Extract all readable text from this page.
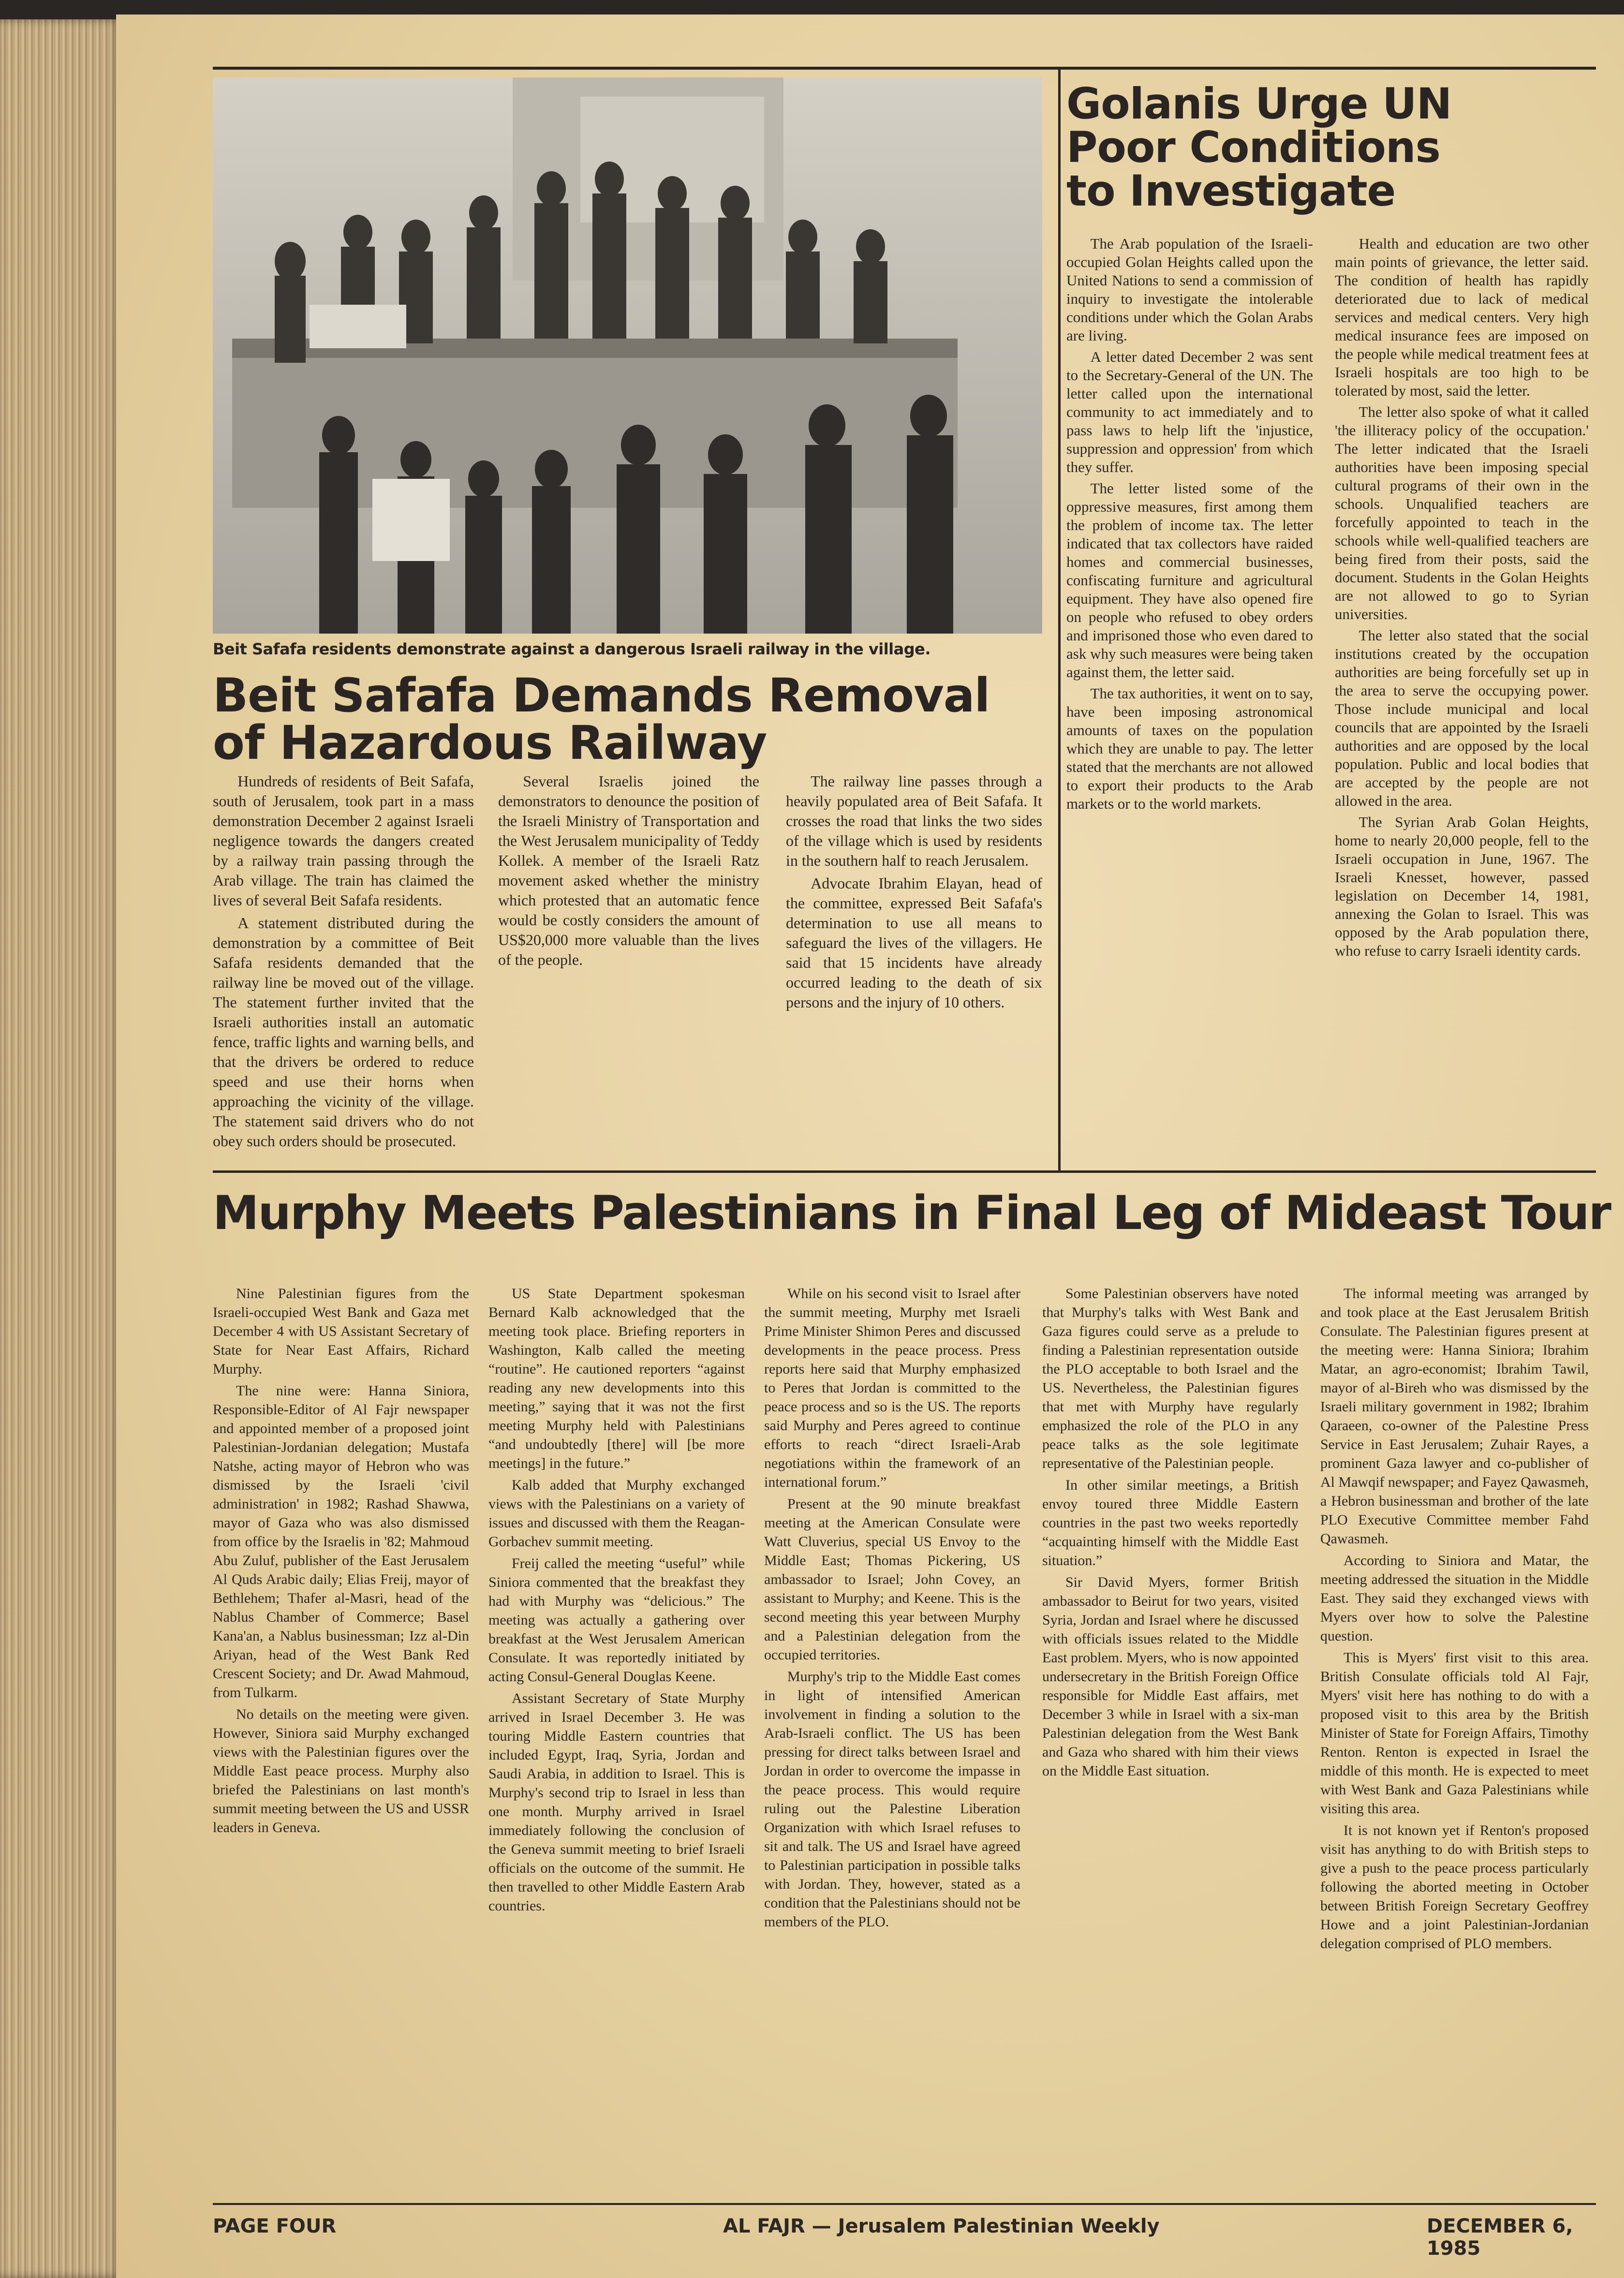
Beit Safafa residents demonstrate against a dangerous Israeli railway in the village.
Beit Safafa Demands Removal of Hazardous Railway

Hundreds of residents of Beit Safafa, south of Jerusalem, took part in a mass demonstration December 2 against Israeli negligence towards the dangers created by a railway train passing through the Arab village. The train has claimed the lives of several Beit Safafa residents.

A statement distributed during the demonstration by a committee of Beit Safafa residents demanded that the railway line be moved out of the village. The statement further invited that the Israeli authorities install an automatic fence, traffic lights and warning bells, and that the drivers be ordered to reduce speed and use their horns when approaching the vicinity of the village. The statement said drivers who do not obey such orders should be prosecuted.

Several Israelis joined the demonstrators to denounce the position of the Israeli Ministry of Transportation and the West Jerusalem municipality of Teddy Kollek. A member of the Israeli Ratz movement asked whether the ministry which protested that an automatic fence would be costly considers the amount of US$20,000 more valuable than the lives of the people.

The railway line passes through a heavily populated area of Beit Safafa. It crosses the road that links the two sides of the village which is used by residents in the southern half to reach Jerusalem.

Advocate Ibrahim Elayan, head of the committee, expressed Beit Safafa's determination to use all means to safeguard the lives of the villagers. He said that 15 incidents have already occurred leading to the death of six persons and the injury of 10 others.

Golanis Urge UN Poor Conditions to Investigate

The Arab population of the Israeli-occupied Golan Heights called upon the United Nations to send a commission of inquiry to investigate the intolerable conditions under which the Golan Arabs are living.

A letter dated December 2 was sent to the Secretary-General of the UN. The letter called upon the international community to act immediately and to pass laws to help lift the 'injustice, suppression and oppression' from which they suffer.

The letter listed some of the oppressive measures, first among them the problem of income tax. The letter indicated that tax collectors have raided homes and commercial businesses, confiscating furniture and agricultural equipment. They have also opened fire on people who refused to obey orders and imprisoned those who even dared to ask why such measures were being taken against them, the letter said.

The tax authorities, it went on to say, have been imposing astronomical amounts of taxes on the population which they are unable to pay. The letter stated that the merchants are not allowed to export their products to the Arab markets or to the world markets.

Health and education are two other main points of grievance, the letter said. The condition of health has rapidly deteriorated due to lack of medical services and medical centers. Very high medical insurance fees are imposed on the people while medical treatment fees at Israeli hospitals are too high to be tolerated by most, said the letter.

The letter also spoke of what it called 'the illiteracy policy of the occupation.' The letter indicated that the Israeli authorities have been imposing special cultural programs of their own in the schools. Unqualified teachers are forcefully appointed to teach in the schools while well-qualified teachers are being fired from their posts, said the document. Students in the Golan Heights are not allowed to go to Syrian universities.

The letter also stated that the social institutions created by the occupation authorities are being forcefully set up in the area to serve the occupying power. Those include municipal and local councils that are appointed by the Israeli authorities and are opposed by the local population. Public and local bodies that are accepted by the people are not allowed in the area.

The Syrian Arab Golan Heights, home to nearly 20,000 people, fell to the Israeli occupation in June, 1967. The Israeli Knesset, however, passed legislation on December 14, 1981, annexing the Golan to Israel. This was opposed by the Arab population there, who refuse to carry Israeli identity cards.

Murphy Meets Palestinians in Final Leg of Mideast Tour

Nine Palestinian figures from the Israeli-occupied West Bank and Gaza met December 4 with US Assistant Secretary of State for Near East Affairs, Richard Murphy.

The nine were: Hanna Siniora, Responsible-Editor of Al Fajr newspaper and appointed member of a proposed joint Palestinian-Jordanian delegation; Mustafa Natshe, acting mayor of Hebron who was dismissed by the Israeli 'civil administration' in 1982; Rashad Shawwa, mayor of Gaza who was also dismissed from office by the Israelis in '82; Mahmoud Abu Zuluf, publisher of the East Jerusalem Al Quds Arabic daily; Elias Freij, mayor of Bethlehem; Thafer al-Masri, head of the Nablus Chamber of Commerce; Basel Kana'an, a Nablus businessman; Izz al-Din Ariyan, head of the West Bank Red Crescent Society; and Dr. Awad Mahmoud, from Tulkarm.

No details on the meeting were given. However, Siniora said Murphy exchanged views with the Palestinian figures over the Middle East peace process. Murphy also briefed the Palestinians on last month's summit meeting between the US and USSR leaders in Geneva.

US State Department spokesman Bernard Kalb acknowledged that the meeting took place. Briefing reporters in Washington, Kalb called the meeting “routine”. He cautioned reporters “against reading any new developments into this meeting,” saying that it was not the first meeting Murphy held with Palestinians “and undoubtedly [there] will [be more meetings] in the future.”

Kalb added that Murphy exchanged views with the Palestinians on a variety of issues and discussed with them the Reagan-Gorbachev summit meeting.

Freij called the meeting “useful” while Siniora commented that the breakfast they had with Murphy was “delicious.” The meeting was actually a gathering over breakfast at the West Jerusalem American Consulate. It was reportedly initiated by acting Consul-General Douglas Keene.

Assistant Secretary of State Murphy arrived in Israel December 3. He was touring Middle Eastern countries that included Egypt, Iraq, Syria, Jordan and Saudi Arabia, in addition to Israel. This is Murphy's second trip to Israel in less than one month. Murphy arrived in Israel immediately following the conclusion of the Geneva summit meeting to brief Israeli officials on the outcome of the summit. He then travelled to other Middle Eastern Arab countries.

While on his second visit to Israel after the summit meeting, Murphy met Israeli Prime Minister Shimon Peres and discussed developments in the peace process. Press reports here said that Murphy emphasized to Peres that Jordan is committed to the peace process and so is the US. The reports said Murphy and Peres agreed to continue efforts to reach “direct Israeli-Arab negotiations within the framework of an international forum.”

Present at the 90 minute breakfast meeting at the American Consulate were Watt Cluverius, special US Envoy to the Middle East; Thomas Pickering, US ambassador to Israel; John Covey, an assistant to Murphy; and Keene. This is the second meeting this year between Murphy and a Palestinian delegation from the occupied territories.

Murphy's trip to the Middle East comes in light of intensified American involvement in finding a solution to the Arab-Israeli conflict. The US has been pressing for direct talks between Israel and Jordan in order to overcome the impasse in the peace process. This would require ruling out the Palestine Liberation Organization with which Israel refuses to sit and talk. The US and Israel have agreed to Palestinian participation in possible talks with Jordan. They, however, stated as a condition that the Palestinians should not be members of the PLO.

Some Palestinian observers have noted that Murphy's talks with West Bank and Gaza figures could serve as a prelude to finding a Palestinian representation outside the PLO acceptable to both Israel and the US. Nevertheless, the Palestinian figures that met with Murphy have regularly emphasized the role of the PLO in any peace talks as the sole legitimate representative of the Palestinian people.

In other similar meetings, a British envoy toured three Middle Eastern countries in the past two weeks reportedly “acquainting himself with the Middle East situation.”

Sir David Myers, former British ambassador to Beirut for two years, visited Syria, Jordan and Israel where he discussed with officials issues related to the Middle East problem. Myers, who is now appointed undersecretary in the British Foreign Office responsible for Middle East affairs, met December 3 while in Israel with a six-man Palestinian delegation from the West Bank and Gaza who shared with him their views on the Middle East situation.

The informal meeting was arranged by and took place at the East Jerusalem British Consulate. The Palestinian figures present at the meeting were: Hanna Siniora; Ibrahim Matar, an agro-economist; Ibrahim Tawil, mayor of al-Bireh who was dismissed by the Israeli military government in 1982; Ibrahim Qaraeen, co-owner of the Palestine Press Service in East Jerusalem; Zuhair Rayes, a prominent Gaza lawyer and co-publisher of Al Mawqif newspaper; and Fayez Qawasmeh, a Hebron businessman and brother of the late PLO Executive Committee member Fahd Qawasmeh.

According to Siniora and Matar, the meeting addressed the situation in the Middle East. They said they exchanged views with Myers over how to solve the Palestine question.

This is Myers' first visit to this area. British Consulate officials told Al Fajr, Myers' visit here has nothing to do with a proposed visit to this area by the British Minister of State for Foreign Affairs, Timothy Renton. Renton is expected in Israel the middle of this month. He is expected to meet with West Bank and Gaza Palestinians while visiting this area.

It is not known yet if Renton's proposed visit has anything to do with British steps to give a push to the peace process particularly following the aborted meeting in October between British Foreign Secretary Geoffrey Howe and a joint Palestinian-Jordanian delegation comprised of PLO members.

PAGE FOUR	AL FAJR — Jerusalem Palestinian Weekly	DECEMBER 6, 1985
